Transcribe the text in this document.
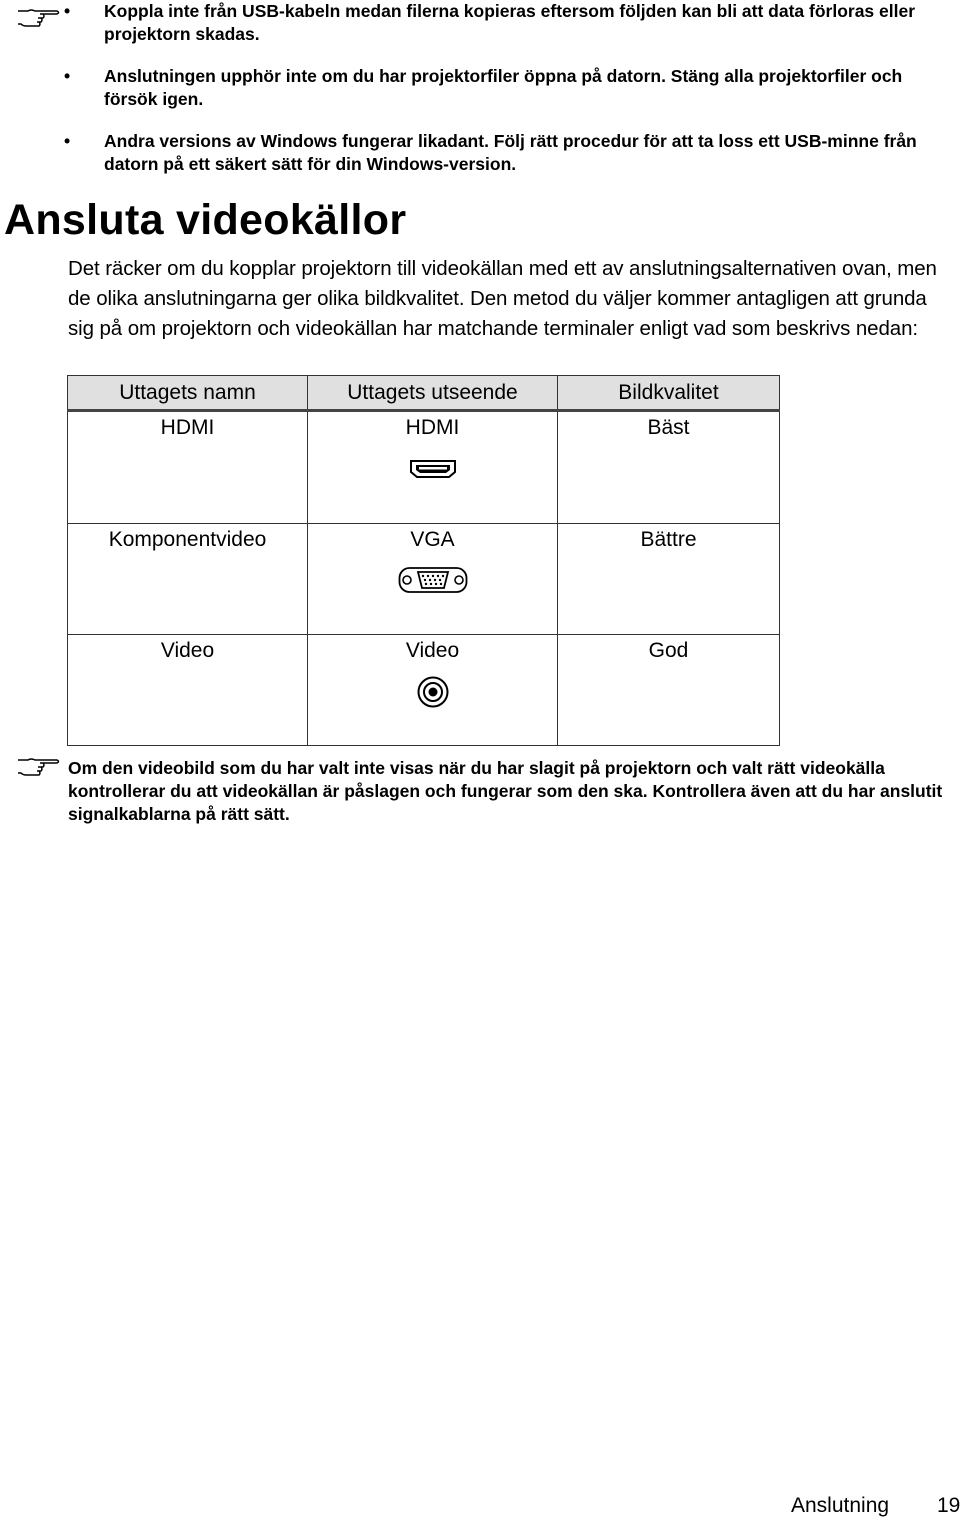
• Koppla inte från USB-kabeln medan filerna kopieras eftersom följden kan bli att data förloras eller projektorn skadas.
• Anslutningen upphör inte om du har projektorfiler öppna på datorn. Stäng alla projektorfiler och försök igen.
• Andra versions av Windows fungerar likadant. Följ rätt procedur för att ta loss ett USB-minne från datorn på ett säkert sätt för din Windows-version.
Ansluta videokällor

Det räcker om du kopplar projektorn till videokällan med ett av anslutningsalternativen ovan, men de olika anslutningarna ger olika bildkvalitet. Den metod du väljer kommer antagligen att grunda sig på om projektorn och videokällan har matchande terminaler enligt vad som beskrivs nedan:

Uttagets namn	Uttagets utseende	Bildkvalitet

HDMI	HDMI	Bäst

Komponentvideo	VGA	Bättre

Video	Video	God

Om den videobild som du har valt inte visas när du har slagit på projektorn och valt rätt videokälla kontrollerar du att videokällan är påslagen och fungerar som den ska. Kontrollera även att du har anslutit signalkablarna på rätt sätt.

Anslutning 19
